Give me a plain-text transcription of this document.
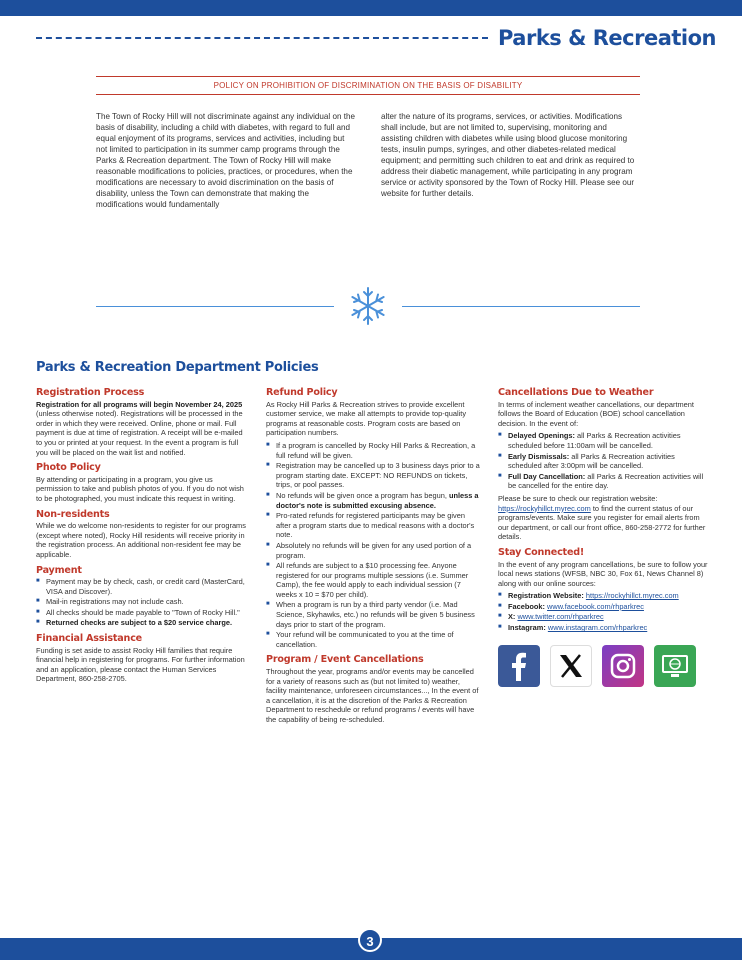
Parks & Recreation
POLICY ON PROHIBITION OF DISCRIMINATION ON THE BASIS OF DISABILITY
The Town of Rocky Hill will not discriminate against any individual on the basis of disability, including a child with diabetes, with regard to full and equal enjoyment of its programs, services and activities, including but not limited to participation in its summer camp programs through the Parks & Recreation department. The Town of Rocky Hill will make reasonable modifications to policies, practices, or procedures, when the modifications are necessary to avoid discrimination on the basis of disability, unless the Town can demonstrate that making the modifications would fundamentally
alter the nature of its programs, services, or activities. Modifications shall include, but are not limited to, supervising, monitoring and assisting children with diabetes while using blood glucose monitoring tests, insulin pumps, syringes, and other diabetes-related medical equipment; and permitting such children to eat and drink as required to address their diabetic management, while participating in any program service or activity sponsored by the Town of Rocky Hill. Please see our website for further details.
Parks & Recreation Department Policies
Registration Process
Registration for all programs will begin November 24, 2025 (unless otherwise noted). Registrations will be processed in the order in which they were received. Online, phone or mail. Full payment is due at time of registration. A receipt will be e-mailed to you or printed at your request. In the event a program is full you will be placed on the wait list and notified.
Photo Policy
By attending or participating in a program, you give us permission to take and publish photos of you. If you do not wish to be photographed, you must indicate this request in writing.
Non-residents
While we do welcome non-residents to register for our programs (except where noted), Rocky Hill residents will receive priority in the registration process. An additional non-resident fee may be applicable.
Payment
■ Payment may be by check, cash, or credit card (MasterCard, VISA and Discover).
■ Mail-in registrations may not include cash.
■ All checks should be made payable to "Town of Rocky Hill."
■ Returned checks are subject to a $20 service charge.
Financial Assistance
Funding is set aside to assist Rocky Hill families that require financial help in registering for programs. For further information and an application, please contact the Human Services Department, 860-258-2705.
Refund Policy
As Rocky Hill Parks & Recreation strives to provide excellent customer service, we make all attempts to provide top-quality programs at reasonable costs. Program costs are based on participation numbers.
■ If a program is cancelled by Rocky Hill Parks & Recreation, a full refund will be given.
■ Registration may be cancelled up to 3 business days prior to a program starting date. EXCEPT: NO REFUNDS on tickets, trips, or pool passes.
■ No refunds will be given once a program has begun, unless a doctor's note is submitted excusing absence.
■ Pro-rated refunds for registered participants may be given after a program starts due to medical reasons with a doctor's note.
■ Absolutely no refunds will be given for any used portion of a program.
■ All refunds are subject to a $10 processing fee. Anyone registered for our programs multiple sessions (i.e. Summer Camp), the fee would apply to each individual session (7 weeks x 10 = $70 per child).
■ When a program is run by a third party vendor (i.e. Mad Science, Skyhawks, etc.) no refunds will be given 5 business days prior to start of the program.
■ Your refund will be communicated to you at the time of cancellation.
Program / Event Cancellations
Throughout the year, programs and/or events may be cancelled for a variety of reasons such as (but not limited to) weather, facility maintenance, unforeseen circumstances..., In the event of a cancellation, it is at the discretion of the Parks & Recreation Department to reschedule or refund programs / events will have the capability of being re-scheduled.
Cancellations Due to Weather
In terms of inclement weather cancellations, our department follows the Board of Education (BOE) school cancellation decision. In the event of:
■ Delayed Openings: all Parks & Recreation activities scheduled before 11:00am will be cancelled.
■ Early Dismissals: all Parks & Recreation activities scheduled after 3:00pm will be cancelled.
■ Full Day Cancellation: all Parks & Recreation activities will be cancelled for the entire day.
Please be sure to check our registration website: https://rockyhillct.myrec.com to find the current status of our programs/events. Make sure you register for email alerts from our department, or call our front office, 860-258-2772 for further details.
Stay Connected!
In the event of any program cancellations, be sure to follow your local news stations (WFSB, NBC 30, Fox 61, News Channel 8) along with our online sources:
■ Registration Website: https://rockyhillct.myrec.com
■ Facebook: www.facebook.com/rhparkrec
■ X: www.twitter.com/rhparkrec
■ Instagram: www.instagram.com/rhparkrec
3
